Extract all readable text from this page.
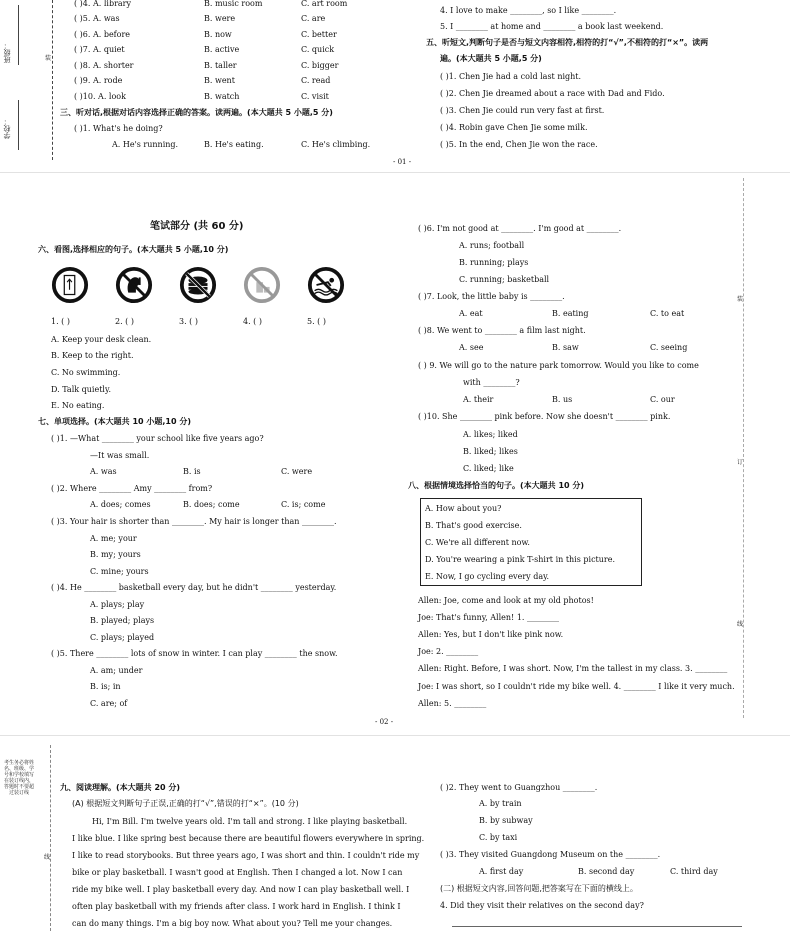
班级：
学校：
装
( )4. A. library	B. music room	C. art room
( )5. A. was	B. were	C. are
( )6. A. before	B. now	C. better
( )7. A. quiet	B. active	C. quick
( )8. A. shorter	B. taller	C. bigger
( )9. A. rode	B. went	C. read
( )10. A. look	B. watch	C. visit
三、听对话,根据对话内容选择正确的答案。读两遍。(本大题共 5 小题,5 分)
( )1. What's he doing?
A. He's running.	B. He's eating.	C. He's climbing.
4. I love to make ________, so I like ________.
5. I ________ at home and ________ a book last weekend.
五、听短文,判断句子是否与短文内容相符,相符的打“√”,不相符的打“×”。读两
遍。(本大题共 5 小题,5 分)
( )1. Chen Jie had a cold last night.
( )2. Chen Jie dreamed about a race with Dad and Fido.
( )3. Chen Jie could run very fast at first.
( )4. Robin gave Chen Jie some milk.
( )5. In the end, Chen Jie won the race.
- 01 -
装
订
线
笔试部分 (共 60 分)
六、看图,选择相应的句子。(本大题共 5 小题,10 分)
1. ( )	2. ( )	3. ( )	4. ( )	5. ( )
A. Keep your desk clean.
B. Keep to the right.
C. No swimming.
D. Talk quietly.
E. No eating.
七、单项选择。(本大题共 10 小题,10 分)
( )1. —What ________ your school like five years ago?
—It was small.
A. was	B. is	C. were
( )2. Where ________ Amy ________ from?
A. does; comes	B. does; come	C. is; come
( )3. Your hair is shorter than ________. My hair is longer than ________.
A. me; your
B. my; yours
C. mine; yours
( )4. He ________ basketball every day, but he didn't ________ yesterday.
A. plays; play
B. played; plays
C. plays; played
( )5. There ________ lots of snow in winter. I can play ________ the snow.
A. am; under
B. is; in
C. are; of
( )6. I'm not good at ________. I'm good at ________.
A. runs; football
B. running; plays
C. running; basketball
( )7. Look, the little baby is ________.
A. eat	B. eating	C. to eat
( )8. We went to ________ a film last night.
A. see	B. saw	C. seeing
( ) 9. We will go to the nature park tomorrow. Would you like to come
with ________?
A. their	B. us	C. our
( )10. She ________ pink before. Now she doesn't ________ pink.
A. likes; liked
B. liked; likes
C. liked; like
八、根据情境选择恰当的句子。(本大题共 10 分)
A. How about you?
B. That's good exercise.
C. We're all different now.
D. You're wearing a pink T-shirt in this picture.
E. Now, I go cycling every day.
Allen: Joe, come and look at my old photos!
Joe: That's funny, Allen! 1. ________
Allen: Yes, but I don't like pink now.
Joe: 2. ________
Allen: Right. Before, I was short. Now, I'm the tallest in my class. 3. ________
Joe: I was short, so I couldn't ride my bike well. 4. ________ I like it very much.
Allen: 5. ________
- 02 -
考生务必将姓名、班级、学号和学校填写在装订线内，答题时不要超过装订线
线
九、阅读理解。(本大题共 20 分)
(A) 根据短文判断句子正误,正确的打“√”,错误的打“×”。(10 分)
Hi, I'm Bill. I'm twelve years old. I'm tall and strong. I like playing basketball.
I like blue. I like spring best because there are beautiful flowers everywhere in spring.
I like to read storybooks. But three years ago, I was short and thin. I couldn't ride my
bike or play basketball. I wasn't good at English. Then I changed a lot. Now I can
ride my bike well. I play basketball every day. And now I can play basketball well. I
often play basketball with my friends after class. I work hard in English. I think I
can do many things. I'm a big boy now. What about you? Tell me your changes.
( )2. They went to Guangzhou ________.
A. by train
B. by subway
C. by taxi
( )3. They visited Guangdong Museum on the ________.
A. first day	B. second day	C. third day
(二) 根据短文内容,回答问题,把答案写在下面的横线上。
4. Did they visit their relatives on the second day?
